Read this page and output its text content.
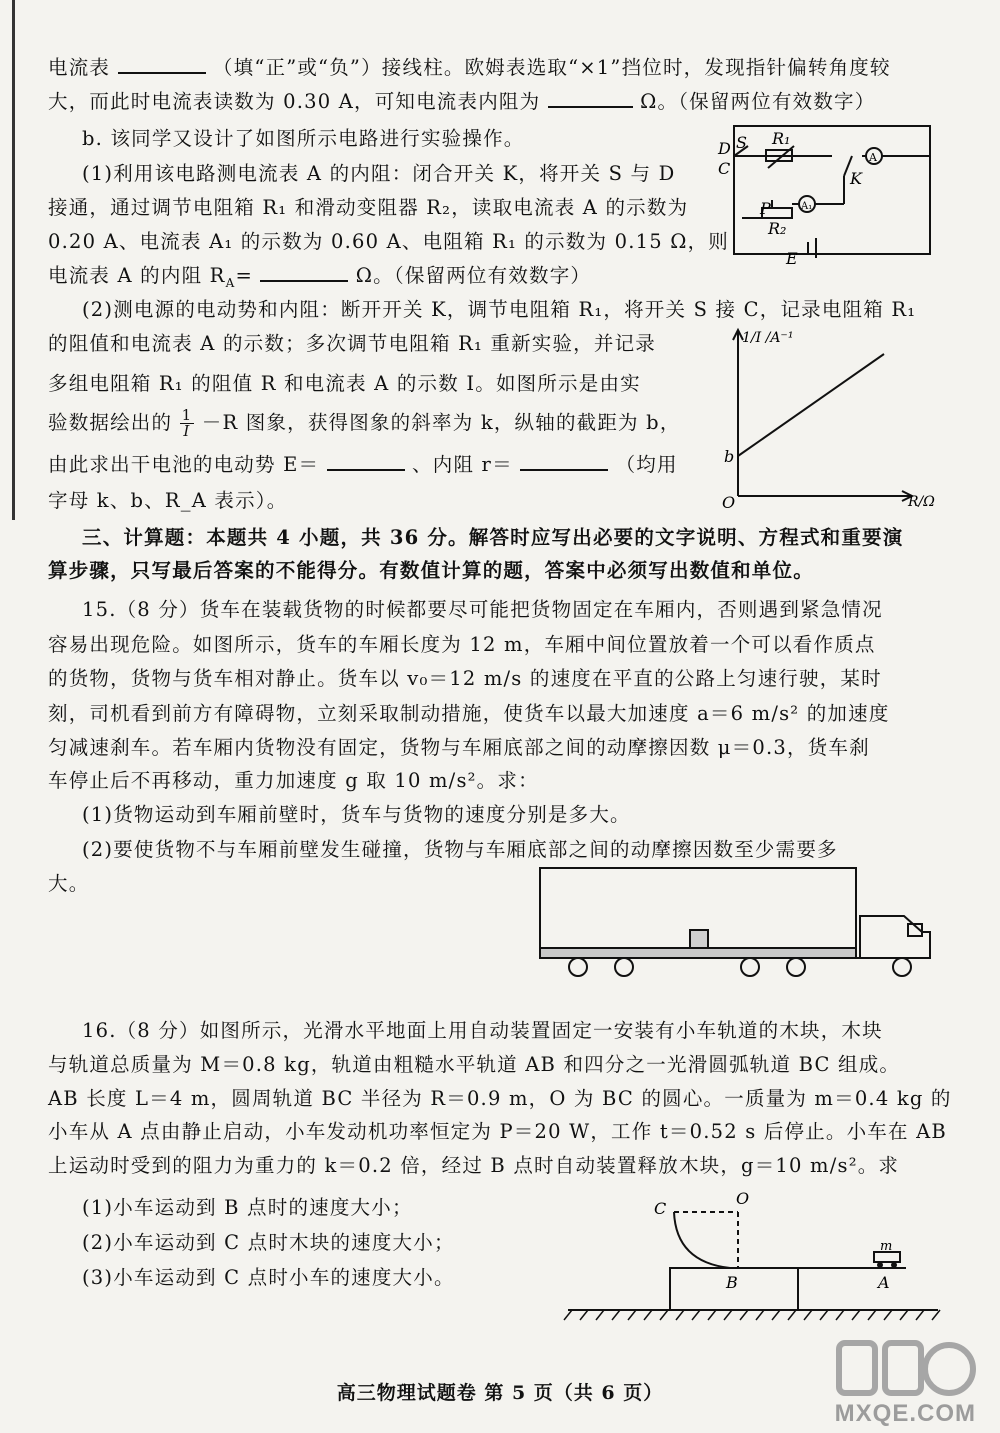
电流表	（填“正”或“负”）接线柱。欧姆表选取“×1”挡位时，发现指针偏转角度较
大，而此时电流表读数为 0.30 A，可知电流表内阻为	Ω。（保留两位有效数字）
b. 该同学又设计了如图所示电路进行实验操作。
(1)利用该电路测电流表 A 的内阻：闭合开关 K，将开关 S 与 D
接通，通过调节电阻箱 R₁ 和滑动变阻器 R₂，读取电流表 A 的示数为
0.20 A、电流表 A₁ 的示数为 0.60 A、电阻箱 R₁ 的示数为 0.15 Ω，则
电流表 A 的内阻 $R_A=$	Ω。（保留两位有效数字）
(2)测电源的电动势和内阻：断开开关 K，调节电阻箱 R₁，将开关 S 接 C，记录电阻箱 R₁
的阻值和电流表 A 的示数；多次调节电阻箱 R₁ 重新实验，并记录
多组电阻箱 R₁ 的阻值 R 和电流表 A 的示数 I。如图所示是由实
验数据绘出的 $\frac{1}{I} -R$ 图象，获得图象的斜率为 k，纵轴的截距为 b，
由此求出干电池的电动势 E＝	、内阻 r＝	（均用
字母 k、b、R_A 表示）。
三、计算题：本题共 4 小题，共 36 分。解答时应写出必要的文字说明、方程式和重要演
算步骤，只写最后答案的不能得分。有数值计算的题，答案中必须写出数值和单位。
15.（8 分）货车在装载货物的时候都要尽可能把货物固定在车厢内，否则遇到紧急情况
容易出现危险。如图所示，货车的车厢长度为 12 m，车厢中间位置放着一个可以看作质点
的货物，货物与货车相对静止。货车以 v₀＝12 m/s 的速度在平直的公路上匀速行驶，某时
刻，司机看到前方有障碍物，立刻采取制动措施，使货车以最大加速度 a＝6 m/s² 的加速度
匀减速刹车。若车厢内货物没有固定，货物与车厢底部之间的动摩擦因数 μ＝0.3，货车刹
车停止后不再移动，重力加速度 g 取 10 m/s²。求：
(1)货物运动到车厢前壁时，货车与货物的速度分别是多大。
(2)要使货物不与车厢前壁发生碰撞，货物与车厢底部之间的动摩擦因数至少需要多
大。
16.（8 分）如图所示，光滑水平地面上用自动装置固定一安装有小车轨道的木块，木块
与轨道总质量为 M＝0.8 kg，轨道由粗糙水平轨道 AB 和四分之一光滑圆弧轨道 BC 组成。
AB 长度 L＝4 m，圆周轨道 BC 半径为 R＝0.9 m，O 为 BC 的圆心。一质量为 m＝0.4 kg 的
小车从 A 点由静止启动，小车发动机功率恒定为 P＝20 W，工作 t＝0.52 s 后停止。小车在 AB
上运动时受到的阻力为重力的 k＝0.2 倍，经过 B 点时自动装置释放木块，g＝10 m/s²。求
(1)小车运动到 B 点时的速度大小；
(2)小车运动到 C 点时木块的速度大小；
(3)小车运动到 C 点时小车的速度大小。
D S R₁
A
C
A₁
K
P
R₂
E
1/I /A⁻¹
R/Ω
O
b
C
O
B	A
m
高三物理试题卷 第 5 页（共 6 页）
MXQE.COM
